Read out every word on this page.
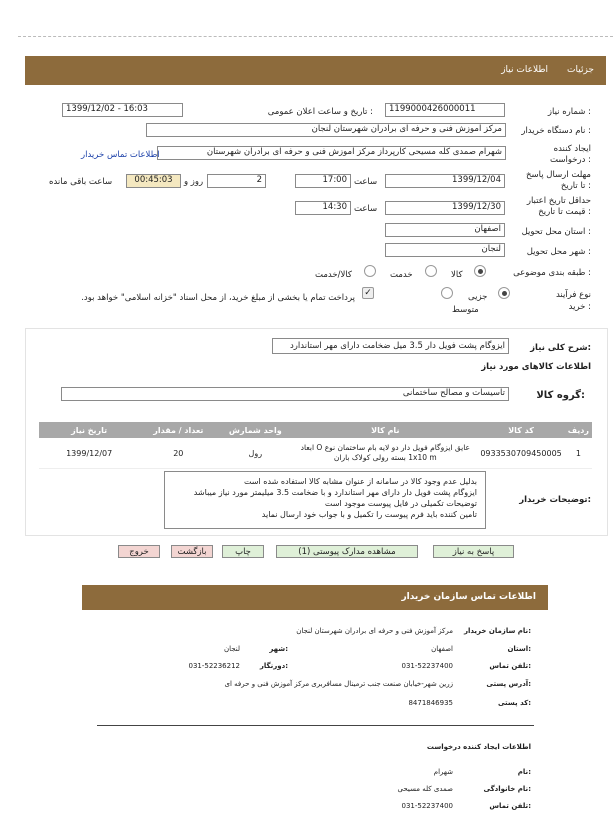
جزئیات
اطلاعات نیاز
شماره نیاز :
1199000426000011
تاریخ و ساعت اعلان عمومی :
1399/12/02 - 16:03
نام دستگاه خریدار :
مرکز آموزش فنی و حرفه ای برادران شهرستان لنجان
ایجاد کننده درخواست :
شهرام صمدی کله مسیحی کارپرداز مرکز آموزش فنی و حرفه ای برادران شهرستان
اطلاعات تماس خریدار
مهلت ارسال پاسخ تا تاریخ :
1399/12/04
ساعت
17:00
2
روز و
00:45:03
ساعت باقی مانده
حداقل تاریخ اعتبار قیمت تا تاریخ :
1399/12/30
ساعت
14:30
استان محل تحویل :
اصفهان
شهر محل تحویل :
لنجان
طبقه بندی موضوعی :
کالا
خدمت
کالا/خدمت
نوع فرآیند خرید :
جزیی
متوسط
✓
پرداخت تمام یا بخشی از مبلغ خرید، از محل اسناد "خزانه اسلامی" خواهد بود.
شرح کلی نیاز:
ایزوگام پشت فویل دار 3.5 میل ضخامت دارای مهر استاندارد
اطلاعات کالاهای مورد نیاز
گروه کالا:
تاسیسات و مصالح ساختمانی
ردیف	کد کالا	نام کالا	واحد شمارش	تعداد / مقدار	تاریخ نیاز
1	0933530709450005	عایق ایزوگام فویل دار دو لایه بام ساختمان نوع O ابعاد 1x10 m بسته رولی کولاک باران	رول	20	1399/12/07
توضیحات خریدار:
بدلیل عدم وجود کالا در سامانه از عنوان مشابه کالا استفاده شده است
ایزوگام پشت فویل دار دارای مهر استاندارد و با ضخامت 3.5 میلیمتر مورد نیاز میباشد
توضیحات تکمیلی در فایل پیوست موجود است
تامین کننده باید فرم پیوست را تکمیل و با جواب خود ارسال نماید
پاسخ به نیاز
مشاهده مدارک پیوستی (1)
چاپ
بازگشت
خروج
اطلاعات تماس سازمان خریدار
نام سازمان خریدار:
مرکز آموزش فنی و حرفه ای برادران شهرستان لنجان
استان:
اصفهان
شهر:
لنجان
تلفن تماس:
031-52237400
دورنگار:
031-52236212
آدرس پستی:
زرین شهر-خیابان صنعت جنب ترمینال مسافربری مرکز آموزش فنی و حرفه ای
کد پستی:
8471846935
اطلاعات ایجاد کننده درخواست
نام:
شهرام
نام خانوادگی:
صمدی کله مسیحی
تلفن تماس:
031-52237400
